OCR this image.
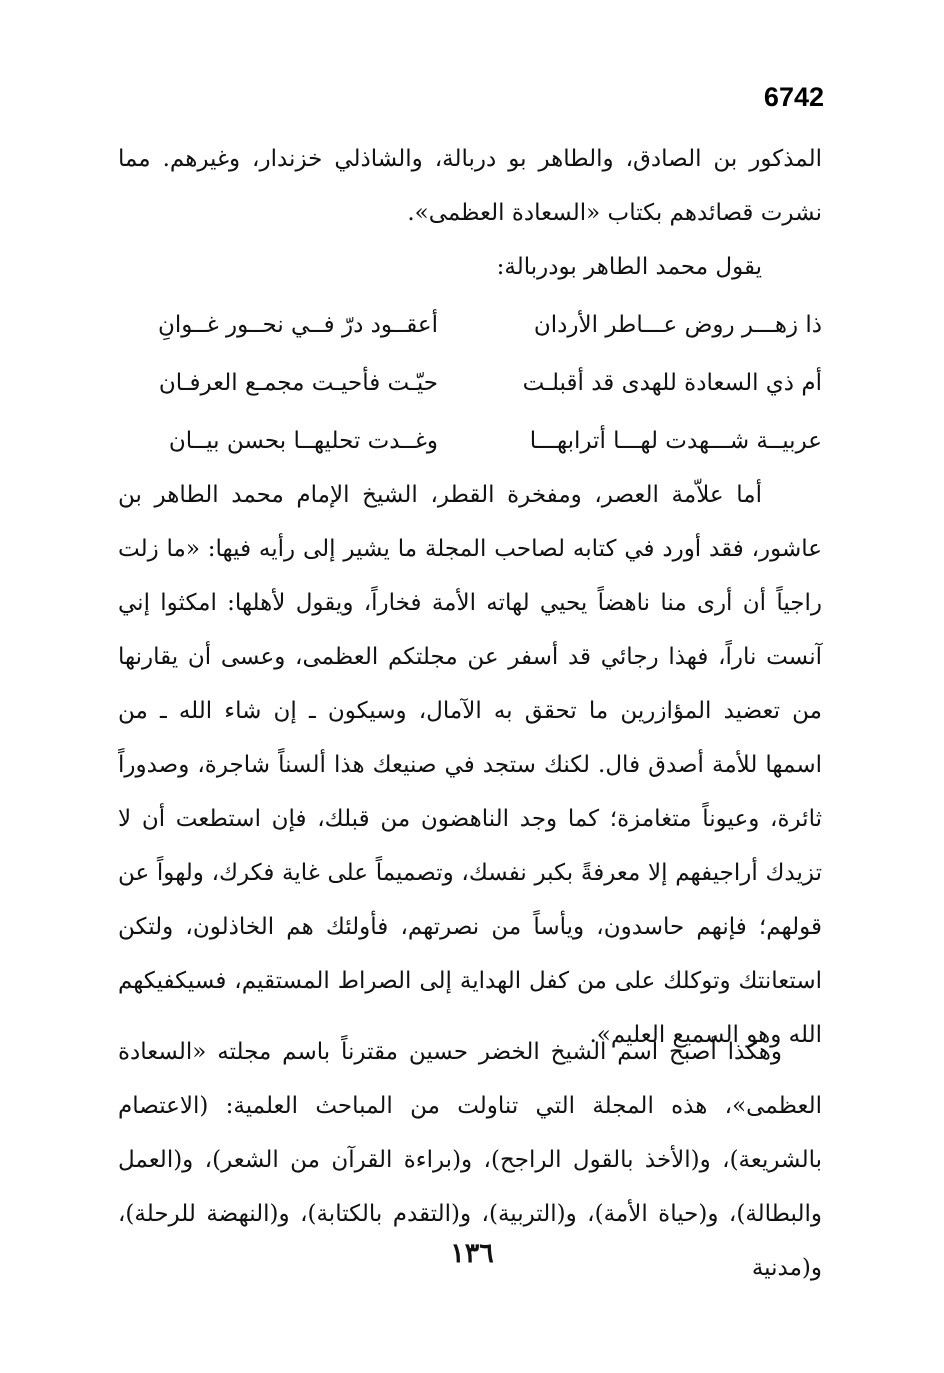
6742

المذكور بن الصادق، والطاهر بو دربالة، والشاذلي خزندار، وغيرهم. مما نشرت قصائدهم بكتاب «السعادة العظمى».

يقول محمد الطاهر بودربالة:

ذا زهـــر روض عـــاطر الأردان
أعقــود درّ فــي نحــور غــوانِ
أم ذي السعادة للهدى قد أقبلـت
حيّـت فأحيـت مجمـع العرفـان
عربيــة شـــهدت لهـــا أترابهـــا
وغــدت تحليهــا بحسن بيــان

أما علاّمة العصر، ومفخرة القطر، الشيخ الإمام محمد الطاهر بن عاشور، فقد أورد في كتابه لصاحب المجلة ما يشير إلى رأيه فيها: «ما زلت راجياً أن أرى منا ناهضاً يحيي لهاته الأمة فخاراً، ويقول لأهلها: امكثوا إني آنست ناراً، فهذا رجائي قد أسفر عن مجلتكم العظمى، وعسى أن يقارنها من تعضيد المؤازرين ما تحقق به الآمال، وسيكون ـ إن شاء الله ـ من اسمها للأمة أصدق فال. لكنك ستجد في صنيعك هذا ألسناً شاجرة، وصدوراً ثائرة، وعيوناً متغامزة؛ كما وجد الناهضون من قبلك، فإن استطعت أن لا تزيدك أراجيفهم إلا معرفةً بكبر نفسك، وتصميماً على غاية فكرك، ولهواً عن قولهم؛ فإنهم حاسدون، ويأساً من نصرتهم، فأولئك هم الخاذلون، ولتكن استعانتك وتوكلك على من كفل الهداية إلى الصراط المستقيم، فسيكفيكهم الله وهو السميع العليم».

وهكذا أصبح اسم الشيخ الخضر حسين مقترناً باسم مجلته «السعادة العظمى»، هذه المجلة التي تناولت من المباحث العلمية: (الاعتصام بالشريعة)، و(الأخذ بالقول الراجح)، و(براءة القرآن من الشعر)، و(العمل والبطالة)، و(حياة الأمة)، و(التربية)، و(التقدم بالكتابة)، و(النهضة للرحلة)، و(مدنية

١٣٦
